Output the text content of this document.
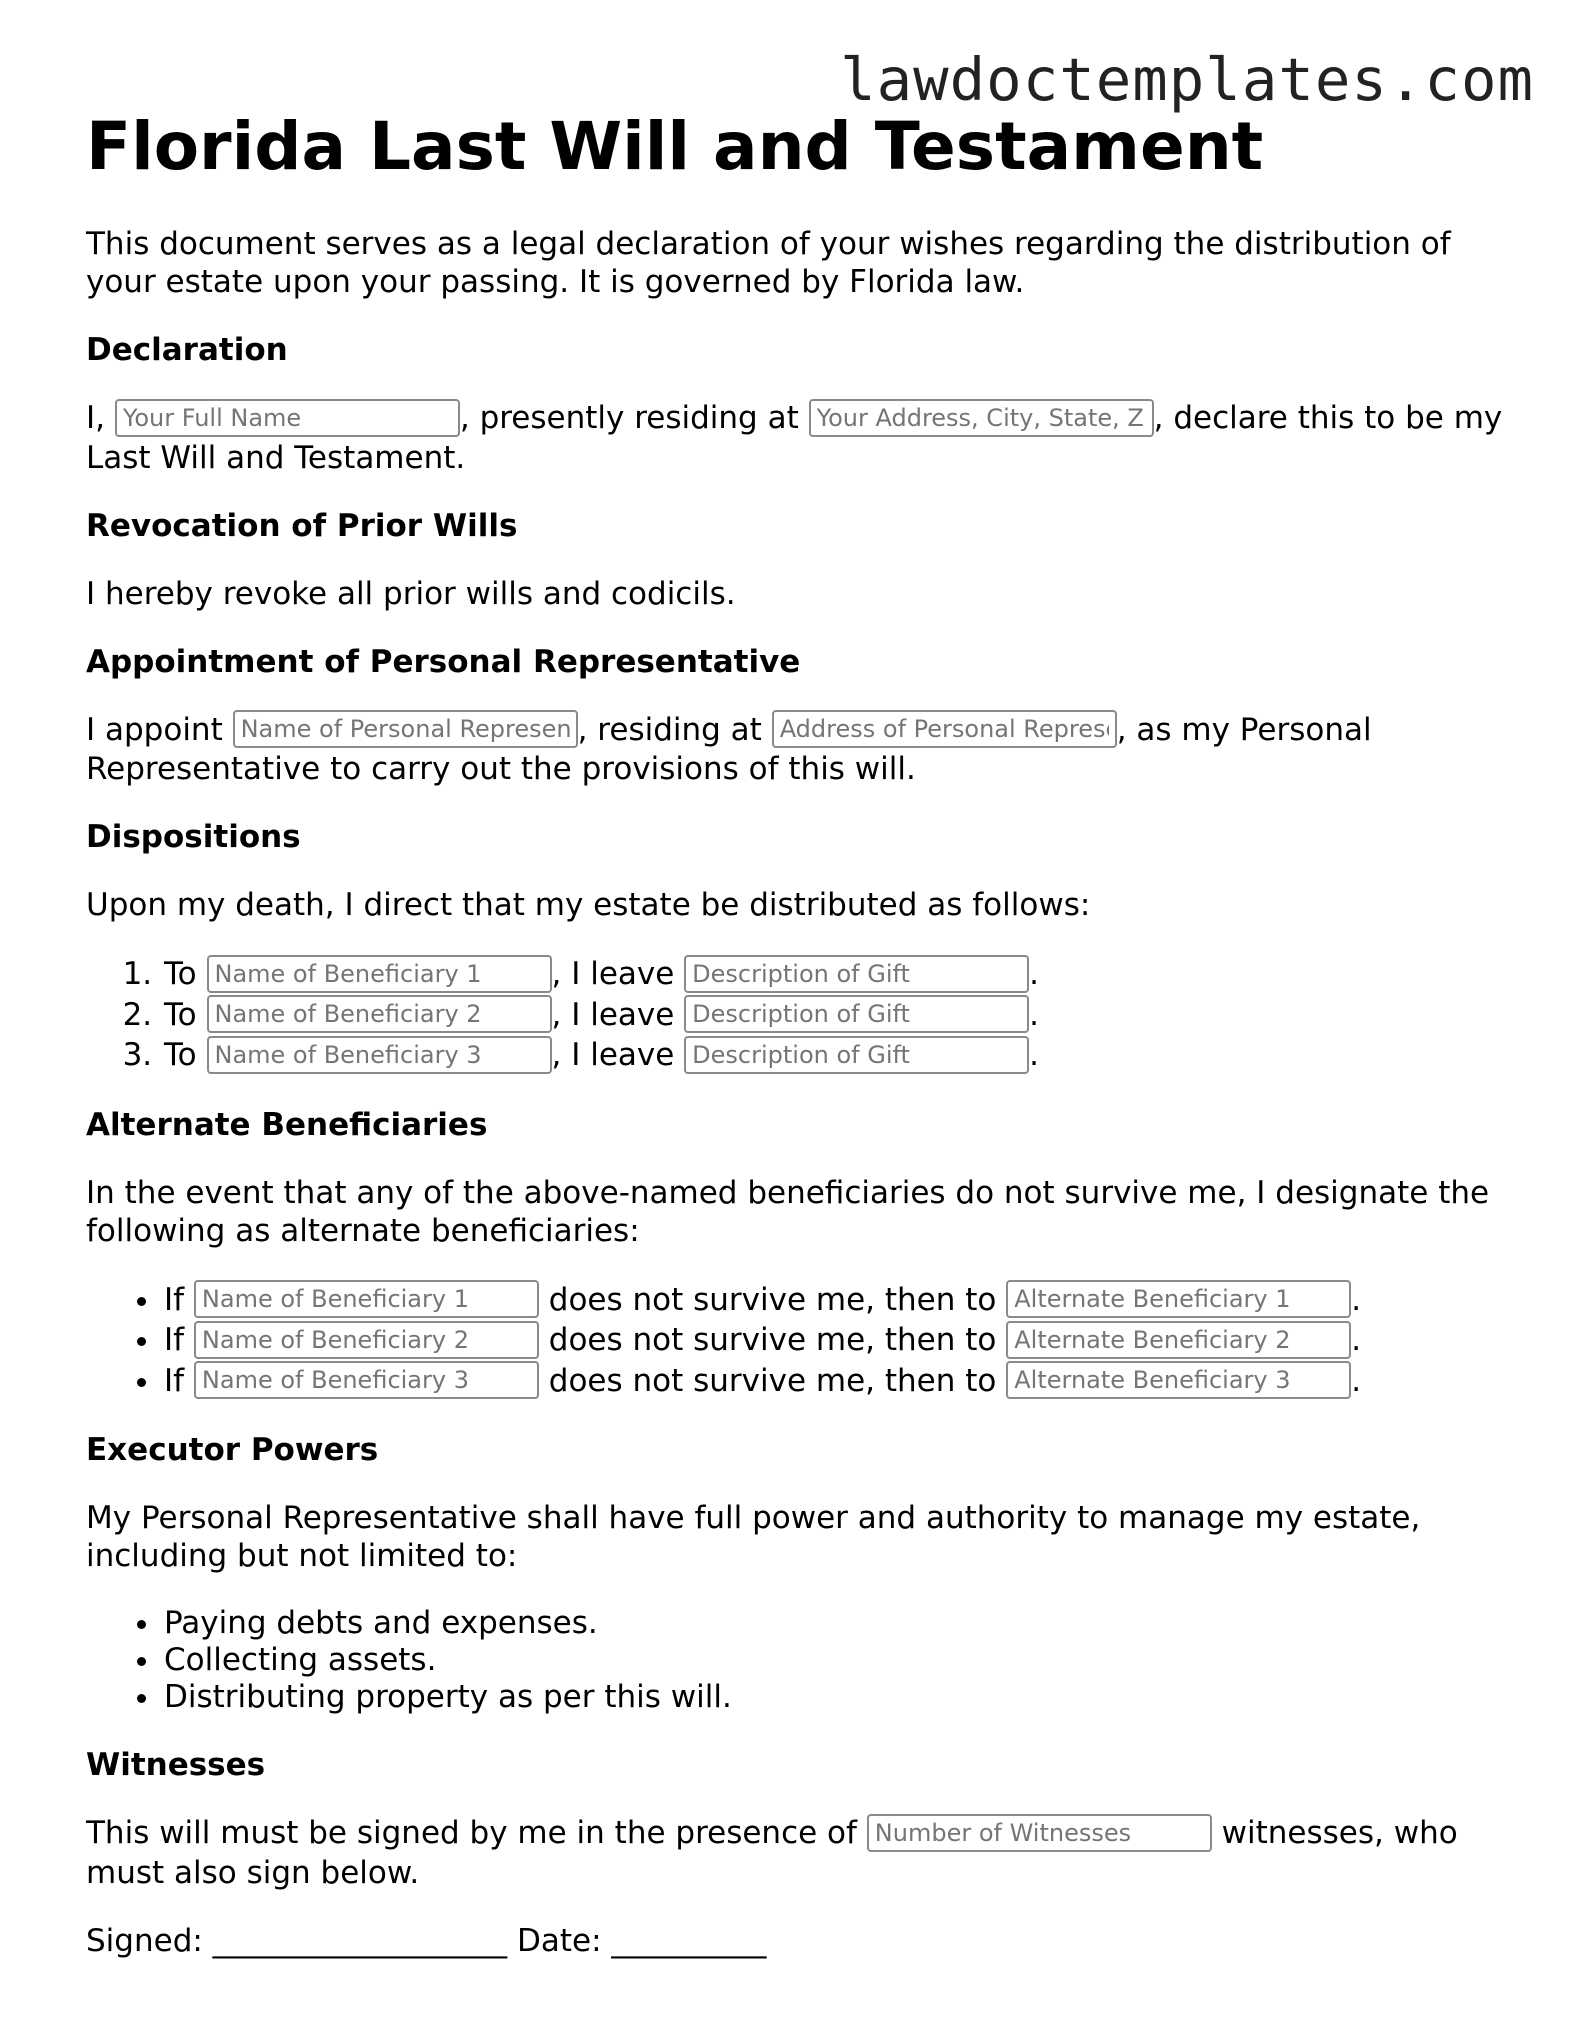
lawdoctemplates.com
Florida Last Will and Testament

This document serves as a legal declaration of your wishes regarding the distribution of your estate upon your passing. It is governed by Florida law.

Declaration

I, Your Full Name	, presently residing at Your Address, City, State, Zip	, declare this to be my Last Will and Testament.

Revocation of Prior Wills

I hereby revoke all prior wills and codicils.

Appointment of Personal Representative

I appoint Name of Personal Representative	, residing at Address of Personal Representative	, as my Personal Representative to carry out the provisions of this will.

Dispositions

Upon my death, I direct that my estate be distributed as follows:

1. To Name of Beneficiary 1	, I leave Description of Gift	.
2. To Name of Beneficiary 2	, I leave Description of Gift	.
3. To Name of Beneficiary 3	, I leave Description of Gift	.
Alternate Beneficiaries

In the event that any of the above-named beneficiaries do not survive me, I designate the following as alternate beneficiaries:

• If Name of Beneficiary 1	does not survive me, then to Alternate Beneficiary 1	.
• If Name of Beneficiary 2	does not survive me, then to Alternate Beneficiary 2	.
• If Name of Beneficiary 3	does not survive me, then to Alternate Beneficiary 3	.
Executor Powers

My Personal Representative shall have full power and authority to manage my estate, including but not limited to:

• Paying debts and expenses.
• Collecting assets.
• Distributing property as per this will.
Witnesses

This will must be signed by me in the presence of Number of Witnesses	witnesses, who must also sign below.

Signed: ___________________ Date: __________
